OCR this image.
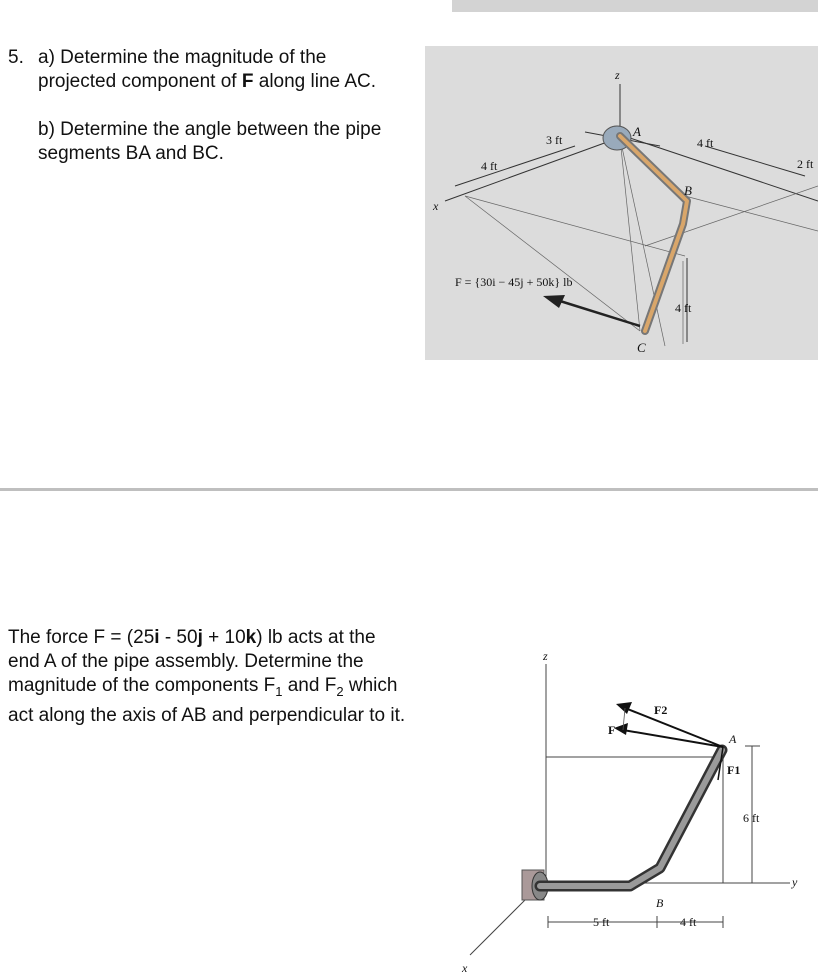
5. a) Determine the magnitude of the projected component of F along line AC.
b) Determine the angle between the pipe segments BA and BC.
z
x
A
B
C
3 ft
4 ft
4 ft
2 ft
4 ft
F = {30i − 45j + 50k} lb
The force F = (25i - 50j + 10k) lb acts at the end A of the pipe assembly. Determine the magnitude of the components $F_1$ and $F_2$ which act along the axis of AB and perpendicular to it.
z
x
y
A
B
F
F2
F1
6 ft
5 ft	4 ft
